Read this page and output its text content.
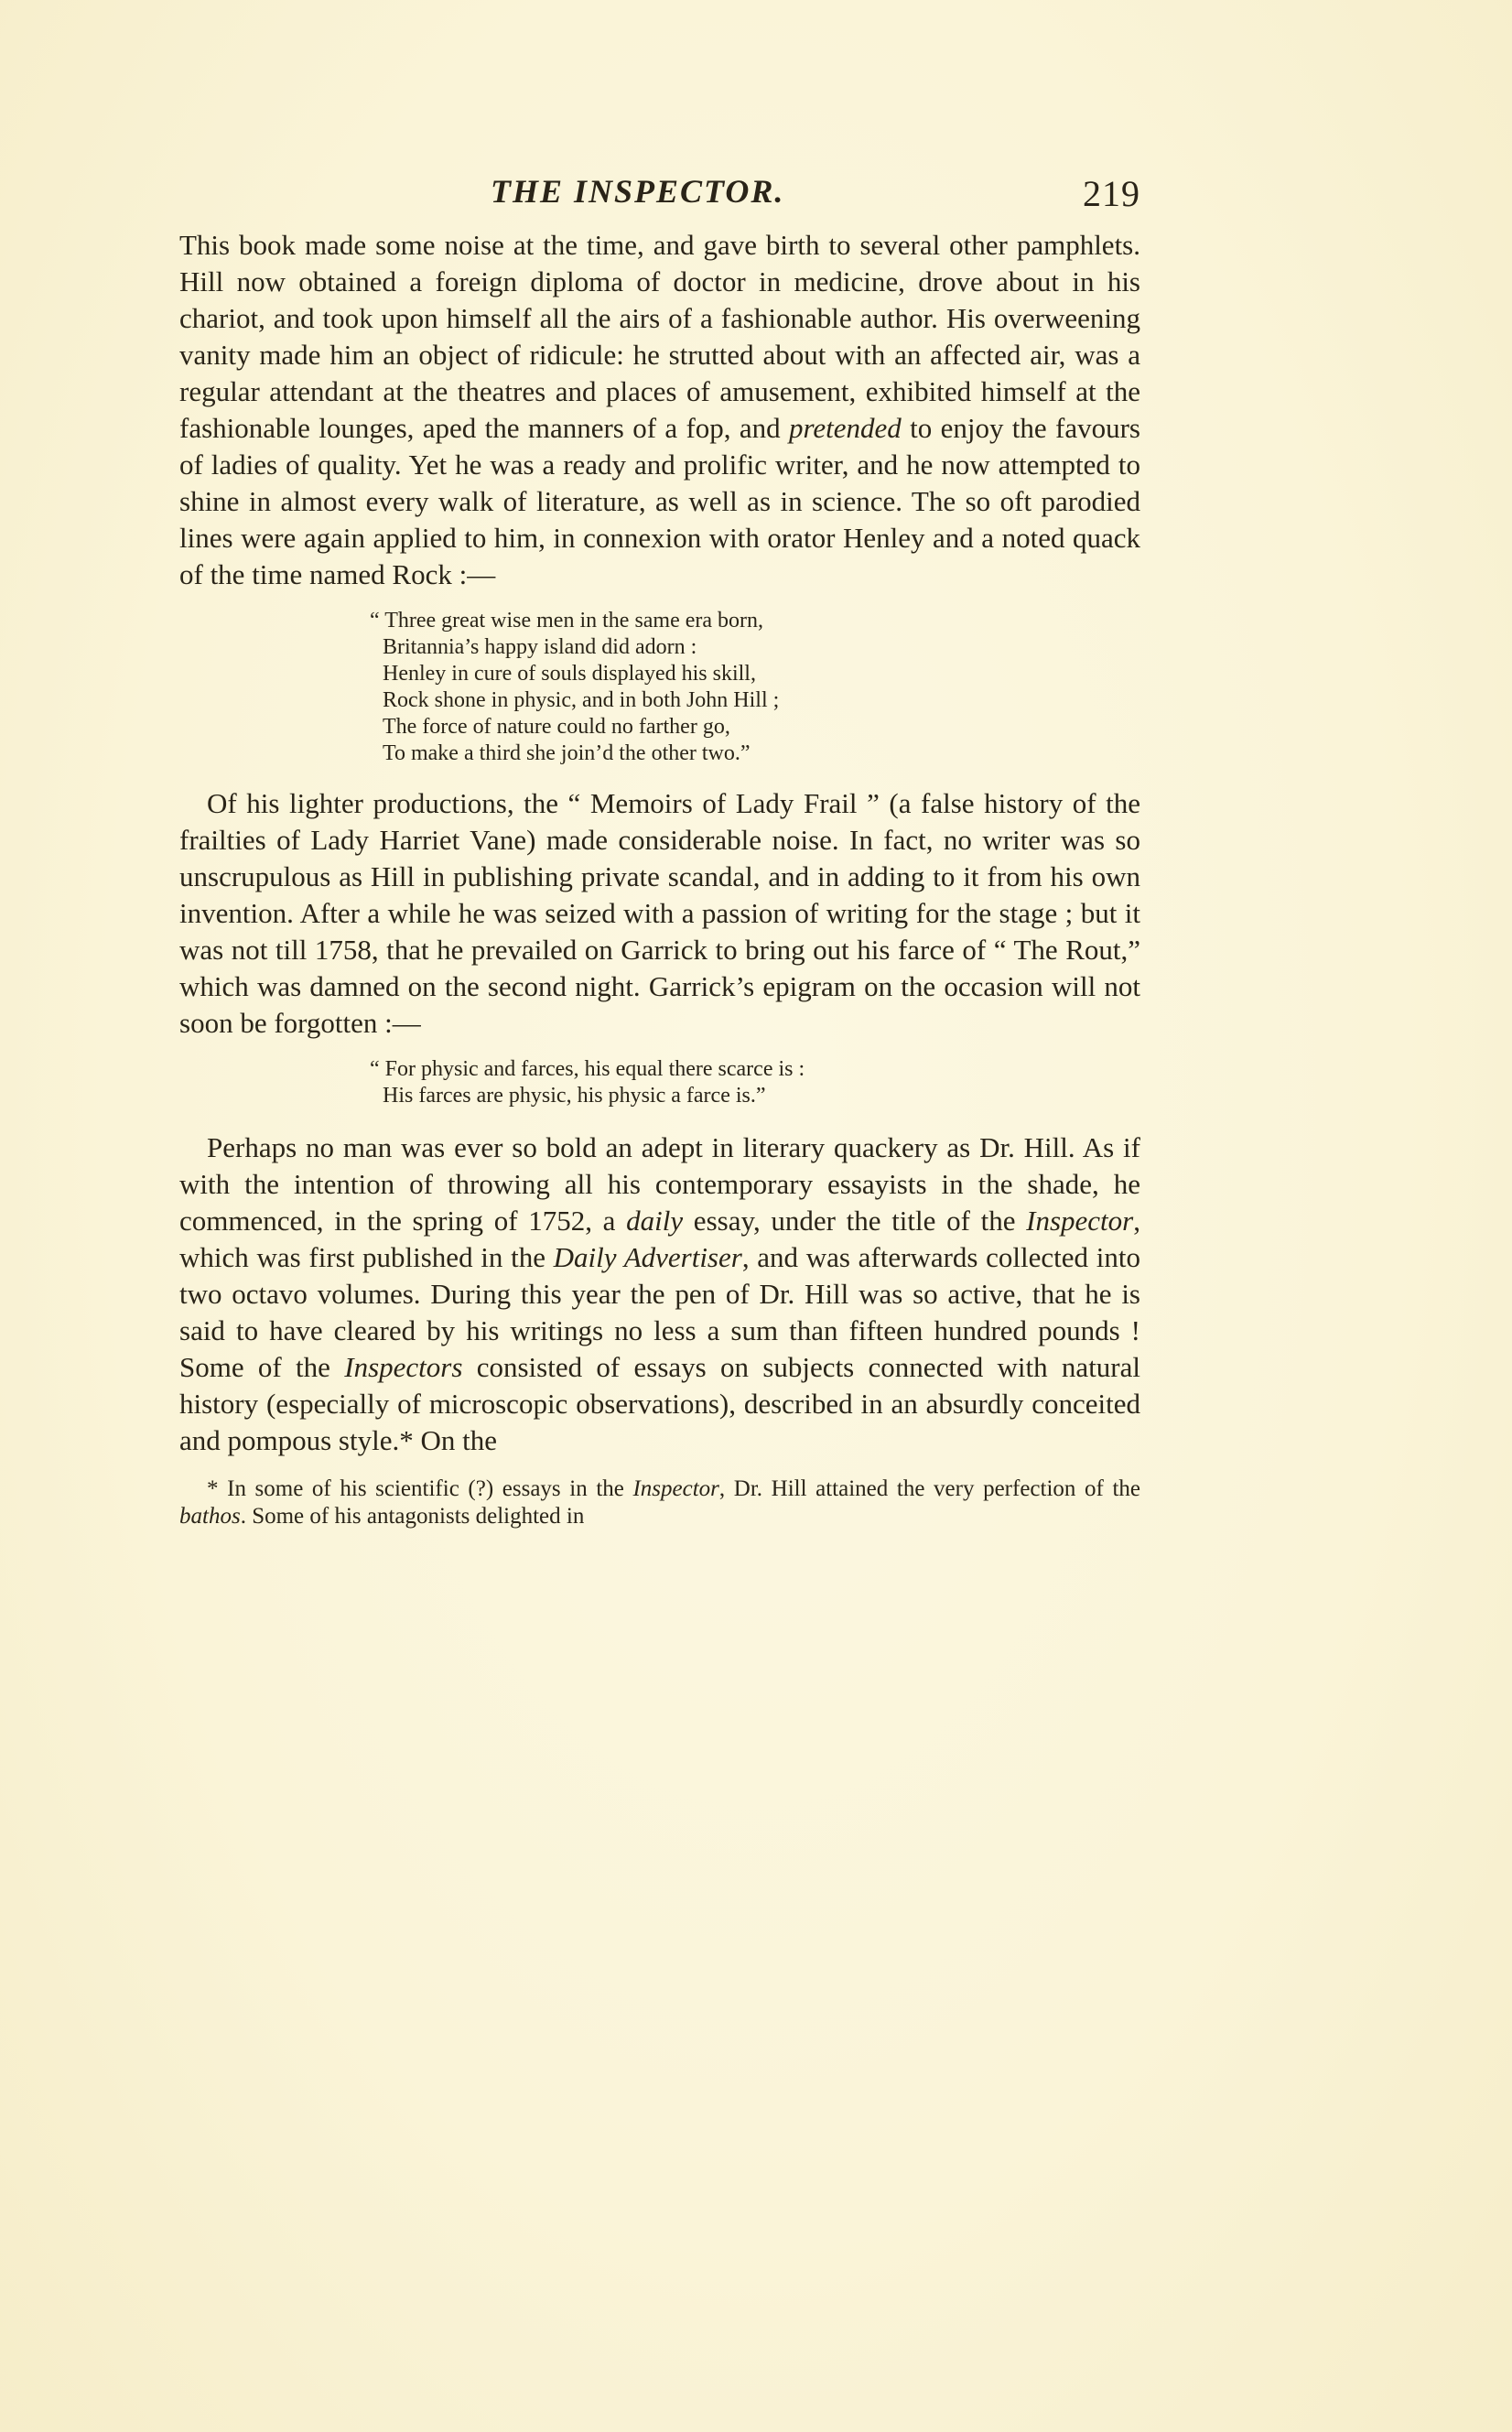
THE INSPECTOR.	219

This book made some noise at the time, and gave birth to several other pamphlets. Hill now obtained a foreign diploma of doctor in medicine, drove about in his chariot, and took upon himself all the airs of a fashionable author. His overweening vanity made him an object of ridicule: he strutted about with an affected air, was a regular attendant at the theatres and places of amusement, exhibited himself at the fashionable lounges, aped the manners of a fop, and pretended to enjoy the favours of ladies of quality. Yet he was a ready and prolific writer, and he now attempted to shine in almost every walk of literature, as well as in science. The so oft parodied lines were again applied to him, in connexion with orator Henley and a noted quack of the time named Rock :—

“ Three great wise men in the same era born,
Britannia’s happy island did adorn :
Henley in cure of souls displayed his skill,
Rock shone in physic, and in both John Hill ;
The force of nature could no farther go,
To make a third she join’d the other two.”

Of his lighter productions, the “ Memoirs of Lady Frail ” (a false history of the frailties of Lady Harriet Vane) made considerable noise. In fact, no writer was so unscrupulous as Hill in publishing private scandal, and in adding to it from his own invention. After a while he was seized with a passion of writing for the stage ; but it was not till 1758, that he prevailed on Garrick to bring out his farce of “ The Rout,” which was damned on the second night. Garrick’s epigram on the occasion will not soon be forgotten :—

“ For physic and farces, his equal there scarce is :
His farces are physic, his physic a farce is.”

Perhaps no man was ever so bold an adept in literary quackery as Dr. Hill. As if with the intention of throwing all his contemporary essayists in the shade, he commenced, in the spring of 1752, a daily essay, under the title of the Inspector, which was first published in the Daily Advertiser, and was afterwards collected into two octavo volumes. During this year the pen of Dr. Hill was so active, that he is said to have cleared by his writings no less a sum than fifteen hundred pounds ! Some of the Inspectors consisted of essays on subjects connected with natural history (especially of microscopic observations), described in an absurdly conceited and pompous style.* On the

* In some of his scientific (?) essays in the Inspector, Dr. Hill attained the very perfection of the bathos. Some of his antagonists delighted in
